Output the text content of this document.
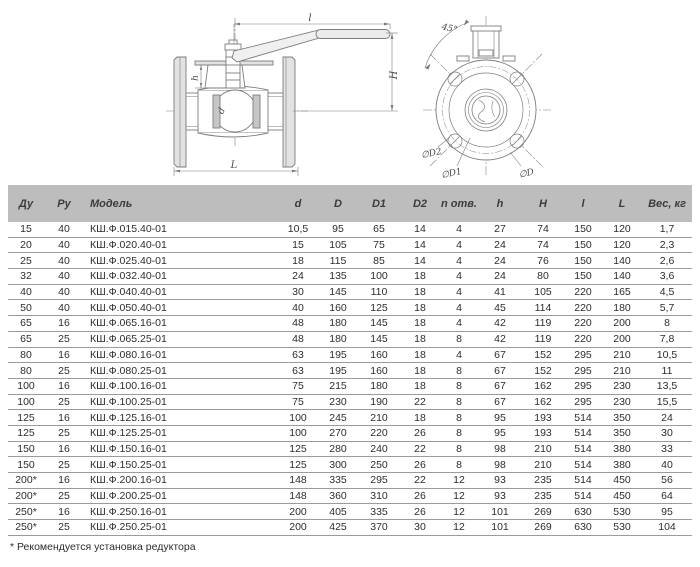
l
H
h
L
d
45°
∅D2
∅D1	∅D
Ду	Ру	Модель	d	D	D1	D2	n отв.	h	H	l	L	Вес, кг
15	40	КШ.Ф.015.40-01	10,5	95	65	14	4	27	74	150	120	1,7
20	40	КШ.Ф.020.40-01	15	105	75	14	4	24	74	150	120	2,3
25	40	КШ.Ф.025.40-01	18	115	85	14	4	24	76	150	140	2,6
32	40	КШ.Ф.032.40-01	24	135	100	18	4	24	80	150	140	3,6
40	40	КШ.Ф.040.40-01	30	145	110	18	4	41	105	220	165	4,5
50	40	КШ.Ф.050.40-01	40	160	125	18	4	45	114	220	180	5,7
65	16	КШ.Ф.065.16-01	48	180	145	18	4	42	119	220	200	8
65	25	КШ.Ф.065.25-01	48	180	145	18	8	42	119	220	200	7,8
80	16	КШ.Ф.080.16-01	63	195	160	18	4	67	152	295	210	10,5
80	25	КШ.Ф.080.25-01	63	195	160	18	8	67	152	295	210	11
100	16	КШ.Ф.100.16-01	75	215	180	18	8	67	162	295	230	13,5
100	25	КШ.Ф.100.25-01	75	230	190	22	8	67	162	295	230	15,5
125	16	КШ.Ф.125.16-01	100	245	210	18	8	95	193	514	350	24
125	25	КШ.Ф.125.25-01	100	270	220	26	8	95	193	514	350	30
150	16	КШ.Ф.150.16-01	125	280	240	22	8	98	210	514	380	33
150	25	КШ.Ф.150.25-01	125	300	250	26	8	98	210	514	380	40
200*	16	КШ.Ф.200.16-01	148	335	295	22	12	93	235	514	450	56
200*	25	КШ.Ф.200.25-01	148	360	310	26	12	93	235	514	450	64
250*	16	КШ.Ф.250.16-01	200	405	335	26	12	101	269	630	530	95
250*	25	КШ.Ф.250.25-01	200	425	370	30	12	101	269	630	530	104
* Рекомендуется установка редуктора
